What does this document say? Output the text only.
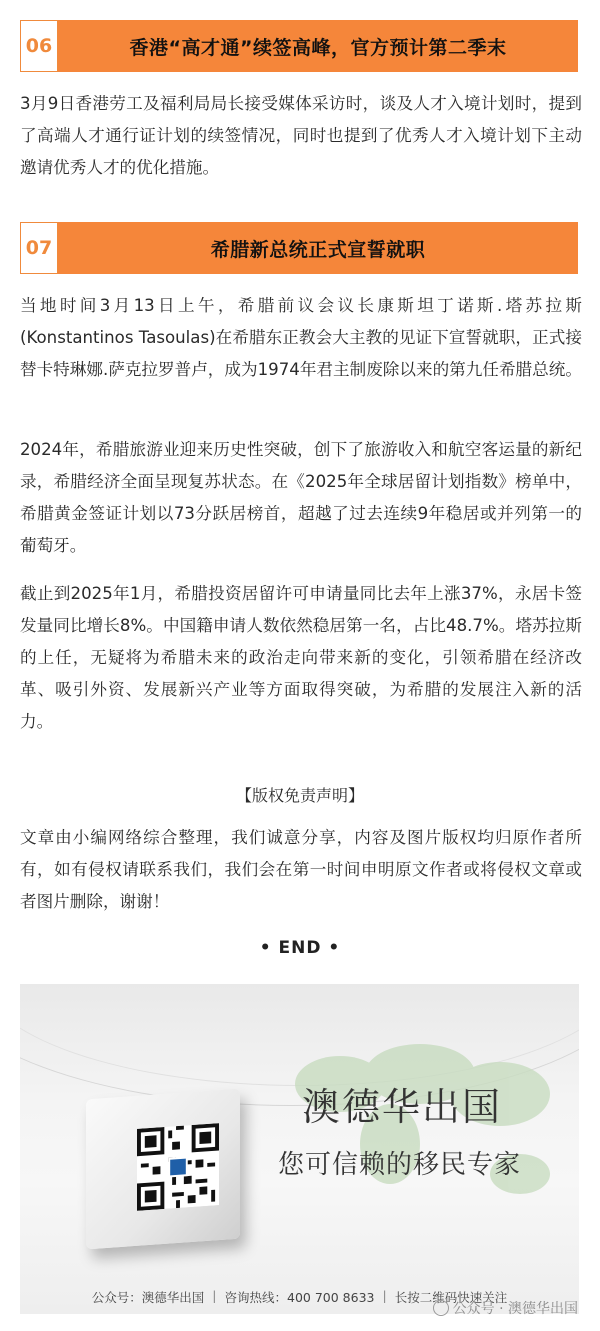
06	香港“高才通”续签高峰，官方预计第二季末
3月9日香港劳工及福利局局长接受媒体采访时，谈及人才入境计划时，提到了高端人才通行证计划的续签情况，同时也提到了优秀人才入境计划下主动邀请优秀人才的优化措施。
07	希腊新总统正式宣誓就职
当地时间3月13日上午，希腊前议会议长康斯坦丁诺斯.塔苏拉斯(Konstantinos Tasoulas)在希腊东正教会大主教的见证下宣誓就职，正式接替卡特琳娜.萨克拉罗普卢，成为1974年君主制废除以来的第九任希腊总统。
2024年，希腊旅游业迎来历史性突破，创下了旅游收入和航空客运量的新纪录，希腊经济全面呈现复苏状态。在《2025年全球居留计划指数》榜单中，希腊黄金签证计划以73分跃居榜首，超越了过去连续9年稳居或并列第一的葡萄牙。
截止到2025年1月，希腊投资居留许可申请量同比去年上涨37%，永居卡签发量同比增长8%。中国籍申请人数依然稳居第一名，占比48.7%。塔苏拉斯的上任，无疑将为希腊未来的政治走向带来新的变化，引领希腊在经济改革、吸引外资、发展新兴产业等方面取得突破，为希腊的发展注入新的活力。
【版权免责声明】
文章由小编网络综合整理，我们诚意分享，内容及图片版权均归原作者所有，如有侵权请联系我们，我们会在第一时间申明原文作者或将侵权文章或者图片删除，谢谢！
• END •
澳德华出国
您可信赖的移民专家
公众号：澳德华出国 | 咨询热线：400 700 8633 | 长按二维码快速关注
公众号 · 澳德华出国
